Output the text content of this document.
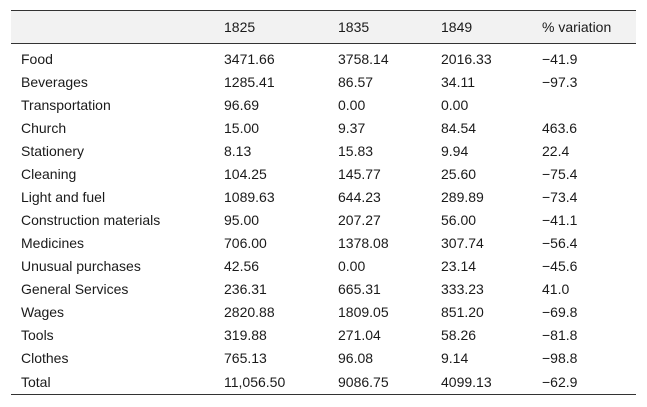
	1825	1835	1849	% variation
Food	3471.66	3758.14	2016.33	−41.9
Beverages	1285.41	86.57	34.11	−97.3
Transportation	96.69	0.00	0.00	
Church	15.00	9.37	84.54	463.6
Stationery	8.13	15.83	9.94	22.4
Cleaning	104.25	145.77	25.60	−75.4
Light and fuel	1089.63	644.23	289.89	−73.4
Construction materials	95.00	207.27	56.00	−41.1
Medicines	706.00	1378.08	307.74	−56.4
Unusual purchases	42.56	0.00	23.14	−45.6
General Services	236.31	665.31	333.23	41.0
Wages	2820.88	1809.05	851.20	−69.8
Tools	319.88	271.04	58.26	−81.8
Clothes	765.13	96.08	9.14	−98.8
Total	11,056.50	9086.75	4099.13	−62.9
